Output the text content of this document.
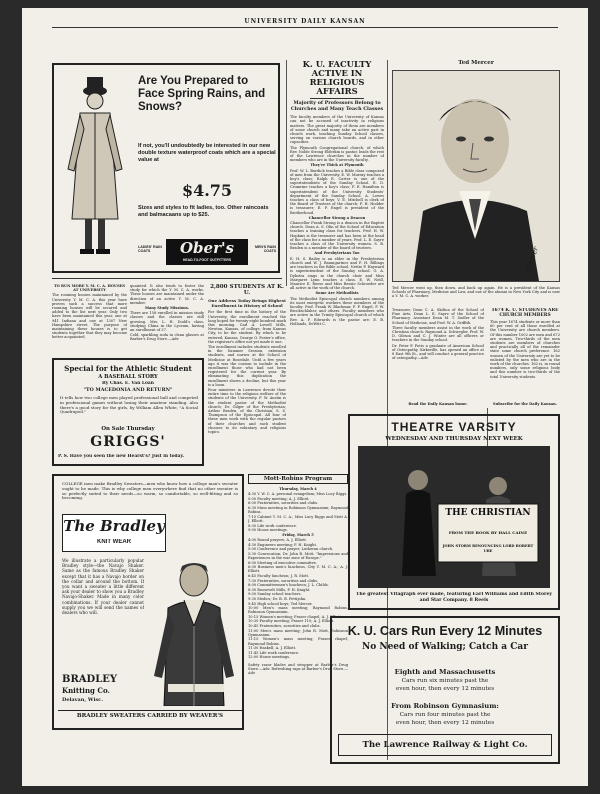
UNIVERSITY DAILY KANSAN
Are You Prepared to Face Spring Rains, and Snows?
If not, you'll undoubtedly be interested in our new double texture waterproof coats which are a special value at
$4.75
Sizes and styles to fit ladies, too. Other raincoats and balmacaans up to $25.
LADIES' RAIN COATS	Ober's
HEAD-TO-FOOT OUTFITTERS
MEN'S RAIN COATS
K. U. FACULTY ACTIVE IN RELIGIOUS AFFAIRS
Majority of Professors Belong to Churches and Many Teach Classes

The faculty members of the University of Kansas can not be accused of inactivity in religious matters. The great majority of them are members of some church and many take an active part in church work, teaching Sunday School classes, serving on various church boards, and in other capacities.

The Plymouth Congregational church, of which Rev. Noble Strong Elderkin is pastor, leads the rest of the Lawrence churches in the number of members who are in the University faculty.

They're Thick at Plymouth

Prof. W. L. Burdick teaches a Bible class composed of men from the University. E. W. Murray teaches a boy's class; Ralph E. Carter is one of the superintendents of the Sunday School. E. D. Crumrine teaches a boy's class; F. E. Hamilton is superintendent of the University Students' department of the Sunday School. A. Lowes teaches a class of boys; V. E. Mitchell is clerk of the Board of Trustees of the church; F. H. Hodder is treasurer; E. F. Engel is president of the Brotherhood.

Chancellor Strong a Deacon

Chancellor Frank Strong is a deacon in the Baptist church. Dean A. S. Olin of the School of Education teaches a training class for teachers. Prof. H. W. Hopkins is the treasurer and has been at the head of the class for a number of years. Prof. L. E. Sayre teaches a class of the University women. S. B. Braden is a member of the board of trustees.

And Presbyterians Too

E. H. S. Bailey is an elder in the Presbyterian church and W. J. Baumgartner and F. H. Billings are teachers in the Bible school. Nettie P. Hayward is superintendent of the Sunday school. G. A. Dykstra sings in the church choir and Miss Margaret Lynn teaches a class. E. W. Neill, Maurice E. Reese and Miss Bessie Schroeder are all active in the work of the church.

Some Are Methodists

The Methodist Episcopal church numbers among its most energetic workers these members of the faculty: Prof. Frank W. Blackmar, F. F. Engel, F. W. Brockschlaher, and others. Faculty members who are active in the Trinity Episcopal church of which Rev. A. F. Edwards is the pastor are: E. B. Hollands, DeWitt C.

Ted Mercer
Mercer
Ted Mercer went up, then down, and back up again. He is a president of the Kansas Schools of Pharmacy, Medicine and Law, and one of the alumni in New York City and is now a Y. M. C. A. worker.

Treasurer, Dean C. A. Skilton of the School of Fine Arts, Dean L. E. Sayre of the School of Pharmacy. Assistant Dean M. T. Sudler of the School of Medicine, and Prof. W. A. Griffith.

Three faculty members assist in the work of the Christian church: Raymond A. Schwegler, Prof. W. D. Gibson and C. J. Winter are all officers or teachers in the Sunday school.

Dr. Peter P. Potts a graduate of American School of Osteopathy, Kirksville, has opened an office at 8 East 9th St., and will conduct a general practice of osteopathy.—Adv.

1674 K. U. STUDENTS ARE CHURCH MEMBERS
This year 1674 students or more than 60 per cent of all those enrolled at the University are church members. Of this number 1002 are men and 672 are women. Two-thirds of the men students are members of churches and practically all of the remainder state some church preference. 162 women of the University are yet to be enlisted by the men who are in the work of the churches. 162 is, in round numbers, only some religious body and this number is two-thirds of the total University students.
Read the Daily Kansan home.	Subscribe for the Daily Kansan.

TO RUN MORE Y. M. C. A. HOUSES AT UNIVERSITY

The rooming houses maintained by the University Y. M. C. A. this year have proven such a success that more rooming houses will be secured and added to the list next year. Only two have been maintained this year, one at 941 Indiana and one at 1307 New Hampshire street. The purpose of maintaining these houses is to get students together that they may become better acquainted.

quainted. It also tends to foster the study for which the Y. M. C. A. works. These houses are maintained under the direction of an active Y. M. C. A. member.

Many Study Missions.

There are 158 enrolled in mission study classes and the classes are still growing. Mrs. L. H. Dodd's class, studying China in the Lyceum, having an enrollment of 37.

Cold, sparkling soda in clean glasses at Barber's Drug Store.—Adv.

2,800 STUDENTS AT K. U.
One Address Today Brings Highest Enrollment in History of School

For the first time in the history of the University, the enrollment reached the long hoped for twenty-eight hundred mark this morning. Carl A. Lowell Mills, Newton, Kansas, of college, from Kansas City, to be the student. By which to be entered, Kansas, George O. Foster's office, the registrar's office not yet made it one.

The enrollment includes students enrolled in the Summer Session, extension students, and nurses at the School of Medicine at Rosedale. Until a few years ago it was the custom to include in the enrollment those who had not been registered for the current year. By eliminating this duplication the enrollment shows a decline, but this year is a boon.

Four ministers in Lawrence devote their entire time to the religious welfare of the students of the University. F. W. Austin is the student pastor of the Methodist church; Dr. Gilger of the Presbyterian; Arthur Braden, of the Christian; S. S. Thompson of the Episcopal. All four of these men work with the regular pastors of their churches and each student chooses to do voluntary and religious topics.

Special for the Athletic Student
A BASEBALL STORY
By Chas. E. Van Loan
"TO MACEDONIA AND RETURN"
It tells how two college men played professional ball and competed in professional games without losing their amateur standing. Also there's a good story for the girls, by William Allen White, "A Social Quadruped."
On Sale Thursday
GRIGGS'
P. S. Have you seen the new Hearst's? Just in today.
COLLEGE men make Bradley Sweaters—men who know how a college man's sweater ought to be made. This is why college men everywhere find that no other sweater is so perfectly suited to their needs—so warm, so comfortable, so well-fitting and so becoming.
The Bradley
KNIT WEAR
We illustrate a particularly popular Bradley style—the Navajo Shaker. Same as the famous Bradley Shaker except that it has a Navajo border on the collar and around the bottom. If you want a sweater a little different ask your dealer to show you a Bradley Navajo-Shaker. Made in many color combinations. If your dealer cannot supply you we will send the names of dealers who will.
BRADLEY
Knitting Co.
Delavan, Wisc.
BRADLEY SWEATERS CARRIED BY WEAVER'S
Mott-Robins Program

Thursday, March 4

4:30 Y. W. C. A. personal evangelism; Miss Lucy Riggs.

5:00 Faculty meeting; A. J. Elliott.

6:00 Fraternities, sororities and clubs.

6:30 Mass meeting in Robinson Gymnasium; Raymond Robins.

7:15 Cabinet Y. M. C. A.; Miss Lucy Riggs and Mott A. J. Elliott.

8:30 Life work conference.

9:00 House meetings.

Friday, March 5

4:00 Round prayers; A. J. Elliott.

4:30 Engineers meeting; F. H. Knight.

5:00 Conference and prayer; Lutheran church.

5:30 Convocation; Dr. John R. Mott, "Impressions and Experiences in the war zone of Europe."

6:00 Meeting of executive committee.

6:30 Business men's luncheon, City Y. M. C. A.; A. J. Elliott.

6:45 Faculty luncheon; J. R. Mott.

7:30 Fraternities, sororities and clubs.

8:00 Committeemen's luncheon; J. L. Childs.

8:30 Roosevelt Mills, F. H. Knight.

9:00 Sunday school teachers.

9:30 Medics; Dr. B. B. Pettijohn.

9:45 High school boys; Ted Mercer.

10:00 Men's mass meeting; Raymond Robins, Robinson Gymnasium.

10:15 Women's meeting; Fraser chapel; A. J. Elliott.

10:30 Faculty meeting; Fraser 110; A. J. Elliott.

10:45 Fraternities, sororities and clubs.

11:00 Men's mass meeting; John R. Mott, Robinson Gymnasium.

11:15 Women's mass meeting; Fraser chapel; Raymond Robins.

11:30 Haskell; A. J. Elliott.

11:45 Life work conference.

12:00 House meetings.

Safety razor blades and stropper at Barber's Drug Store.—Adv. Refreshing raps at Barber's Drug Store.—Adv.
THEATRE VARSITY
WEDNESDAY AND THURSDAY NEXT WEEK
THE CHRISTIAN
FROM THE BOOK BY HALL CAINE
JOHN STORM RENOUNCING LORD ROBERT URE
The greatest Vitagraph ever made, featuring Earl Williams and Edith Storey and Star Company. 8 Reels
K. U. Cars Run Every 12 Minutes
No Need of Walking; Catch a Car
Eighth and Massachusetts
Cars run six minutes past the
even hour, then every 12 minutes
From Robinson Gymnasium:
Cars run four minutes past the
even hour, then every 12 minutes
The Lawrence Railway & Light Co.
